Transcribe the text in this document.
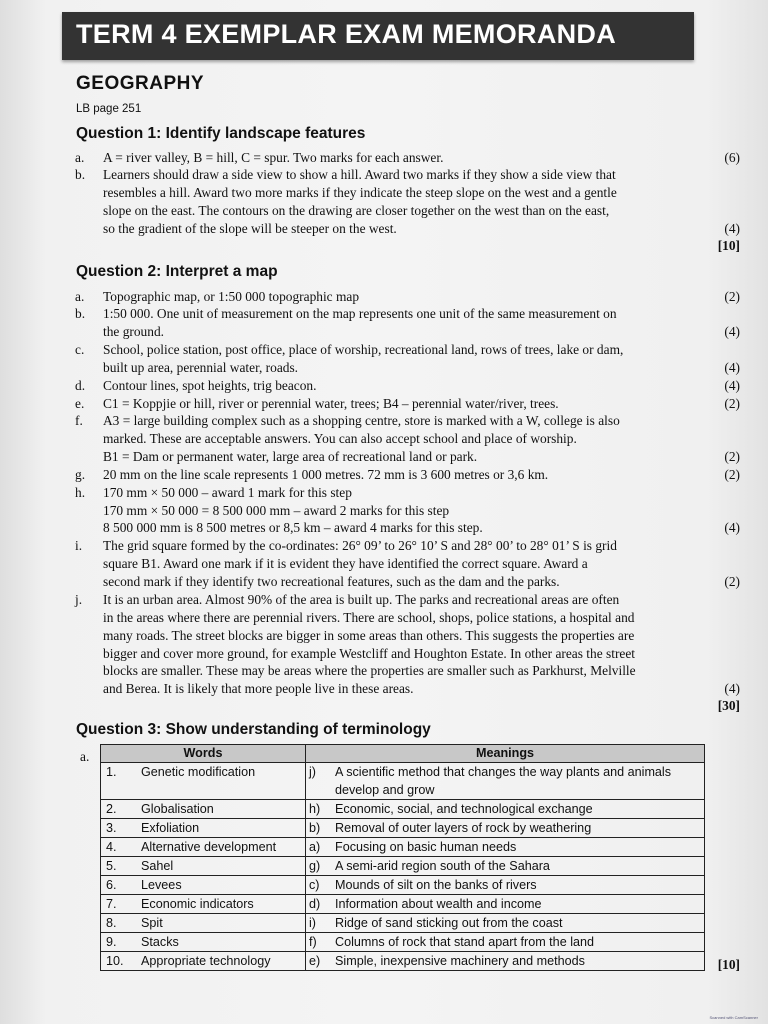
TERM 4 EXEMPLAR EXAM MEMORANDA
GEOGRAPHY
LB page 251
Question 1: Identify landscape features
a. A = river valley, B = hill, C = spur. Two marks for each answer.	(6)
b. Learners should draw a side view to show a hill. Award two marks if they show a side view that
resembles a hill. Award two more marks if they indicate the steep slope on the west and a gentle
slope on the east. The contours on the drawing are closer together on the west than on the east,
so the gradient of the slope will be steeper on the west.	(4)
[10]
Question 2: Interpret a map
a. Topographic map, or 1:50 000 topographic map	(2)
b. 1:50 000. One unit of measurement on the map represents one unit of the same measurement on
the ground.	(4)
c. School, police station, post office, place of worship, recreational land, rows of trees, lake or dam,
built up area, perennial water, roads.	(4)
d. Contour lines, spot heights, trig beacon.	(4)
e. C1 = Koppjie or hill, river or perennial water, trees; B4 – perennial water/river, trees.	(2)
f. A3 = large building complex such as a shopping centre, store is marked with a W, college is also
marked. These are acceptable answers. You can also accept school and place of worship.
B1 = Dam or permanent water, large area of recreational land or park.	(2)
g. 20 mm on the line scale represents 1 000 metres. 72 mm is 3 600 metres or 3,6 km.	(2)
h. 170 mm × 50 000 – award 1 mark for this step
170 mm × 50 000 = 8 500 000 mm – award 2 marks for this step
8 500 000 mm is 8 500 metres or 8,5 km – award 4 marks for this step.	(4)
i. The grid square formed by the co-ordinates: 26° 09’ to 26° 10’ S and 28° 00’ to 28° 01’ S is grid
square B1. Award one mark if it is evident they have identified the correct square. Award a
second mark if they identify two recreational features, such as the dam and the parks.	(2)
j. It is an urban area. Almost 90% of the area is built up. The parks and recreational areas are often
in the areas where there are perennial rivers. There are school, shops, police stations, a hospital and
many roads. The street blocks are bigger in some areas than others. This suggests the properties are
bigger and cover more ground, for example Westcliff and Houghton Estate. In other areas the street
blocks are smaller. These may be areas where the properties are smaller such as Parkhurst, Melville
and Berea. It is likely that more people live in these areas.	(4)
[30]
Question 3: Show understanding of terminology
a.	Words		Meanings	
1.	Genetic modification	j)	A scientific method that changes the way plants and animals
develop and grow
2.	Globalisation	h)	Economic, social, and technological exchange
3.	Exfoliation	b)	Removal of outer layers of rock by weathering
4.	Alternative development	a)	Focusing on basic human needs
5.	Sahel	g)	A semi-arid region south of the Sahara
6.	Levees	c)	Mounds of silt on the banks of rivers
7.	Economic indicators	d)	Information about wealth and income
8.	Spit	i)	Ridge of sand sticking out from the coast
9.	Stacks	f)	Columns of rock that stand apart from the land
10.	Appropriate technology	e)	Simple, inexpensive machinery and methods	[10]
Scanned with CamScanner
